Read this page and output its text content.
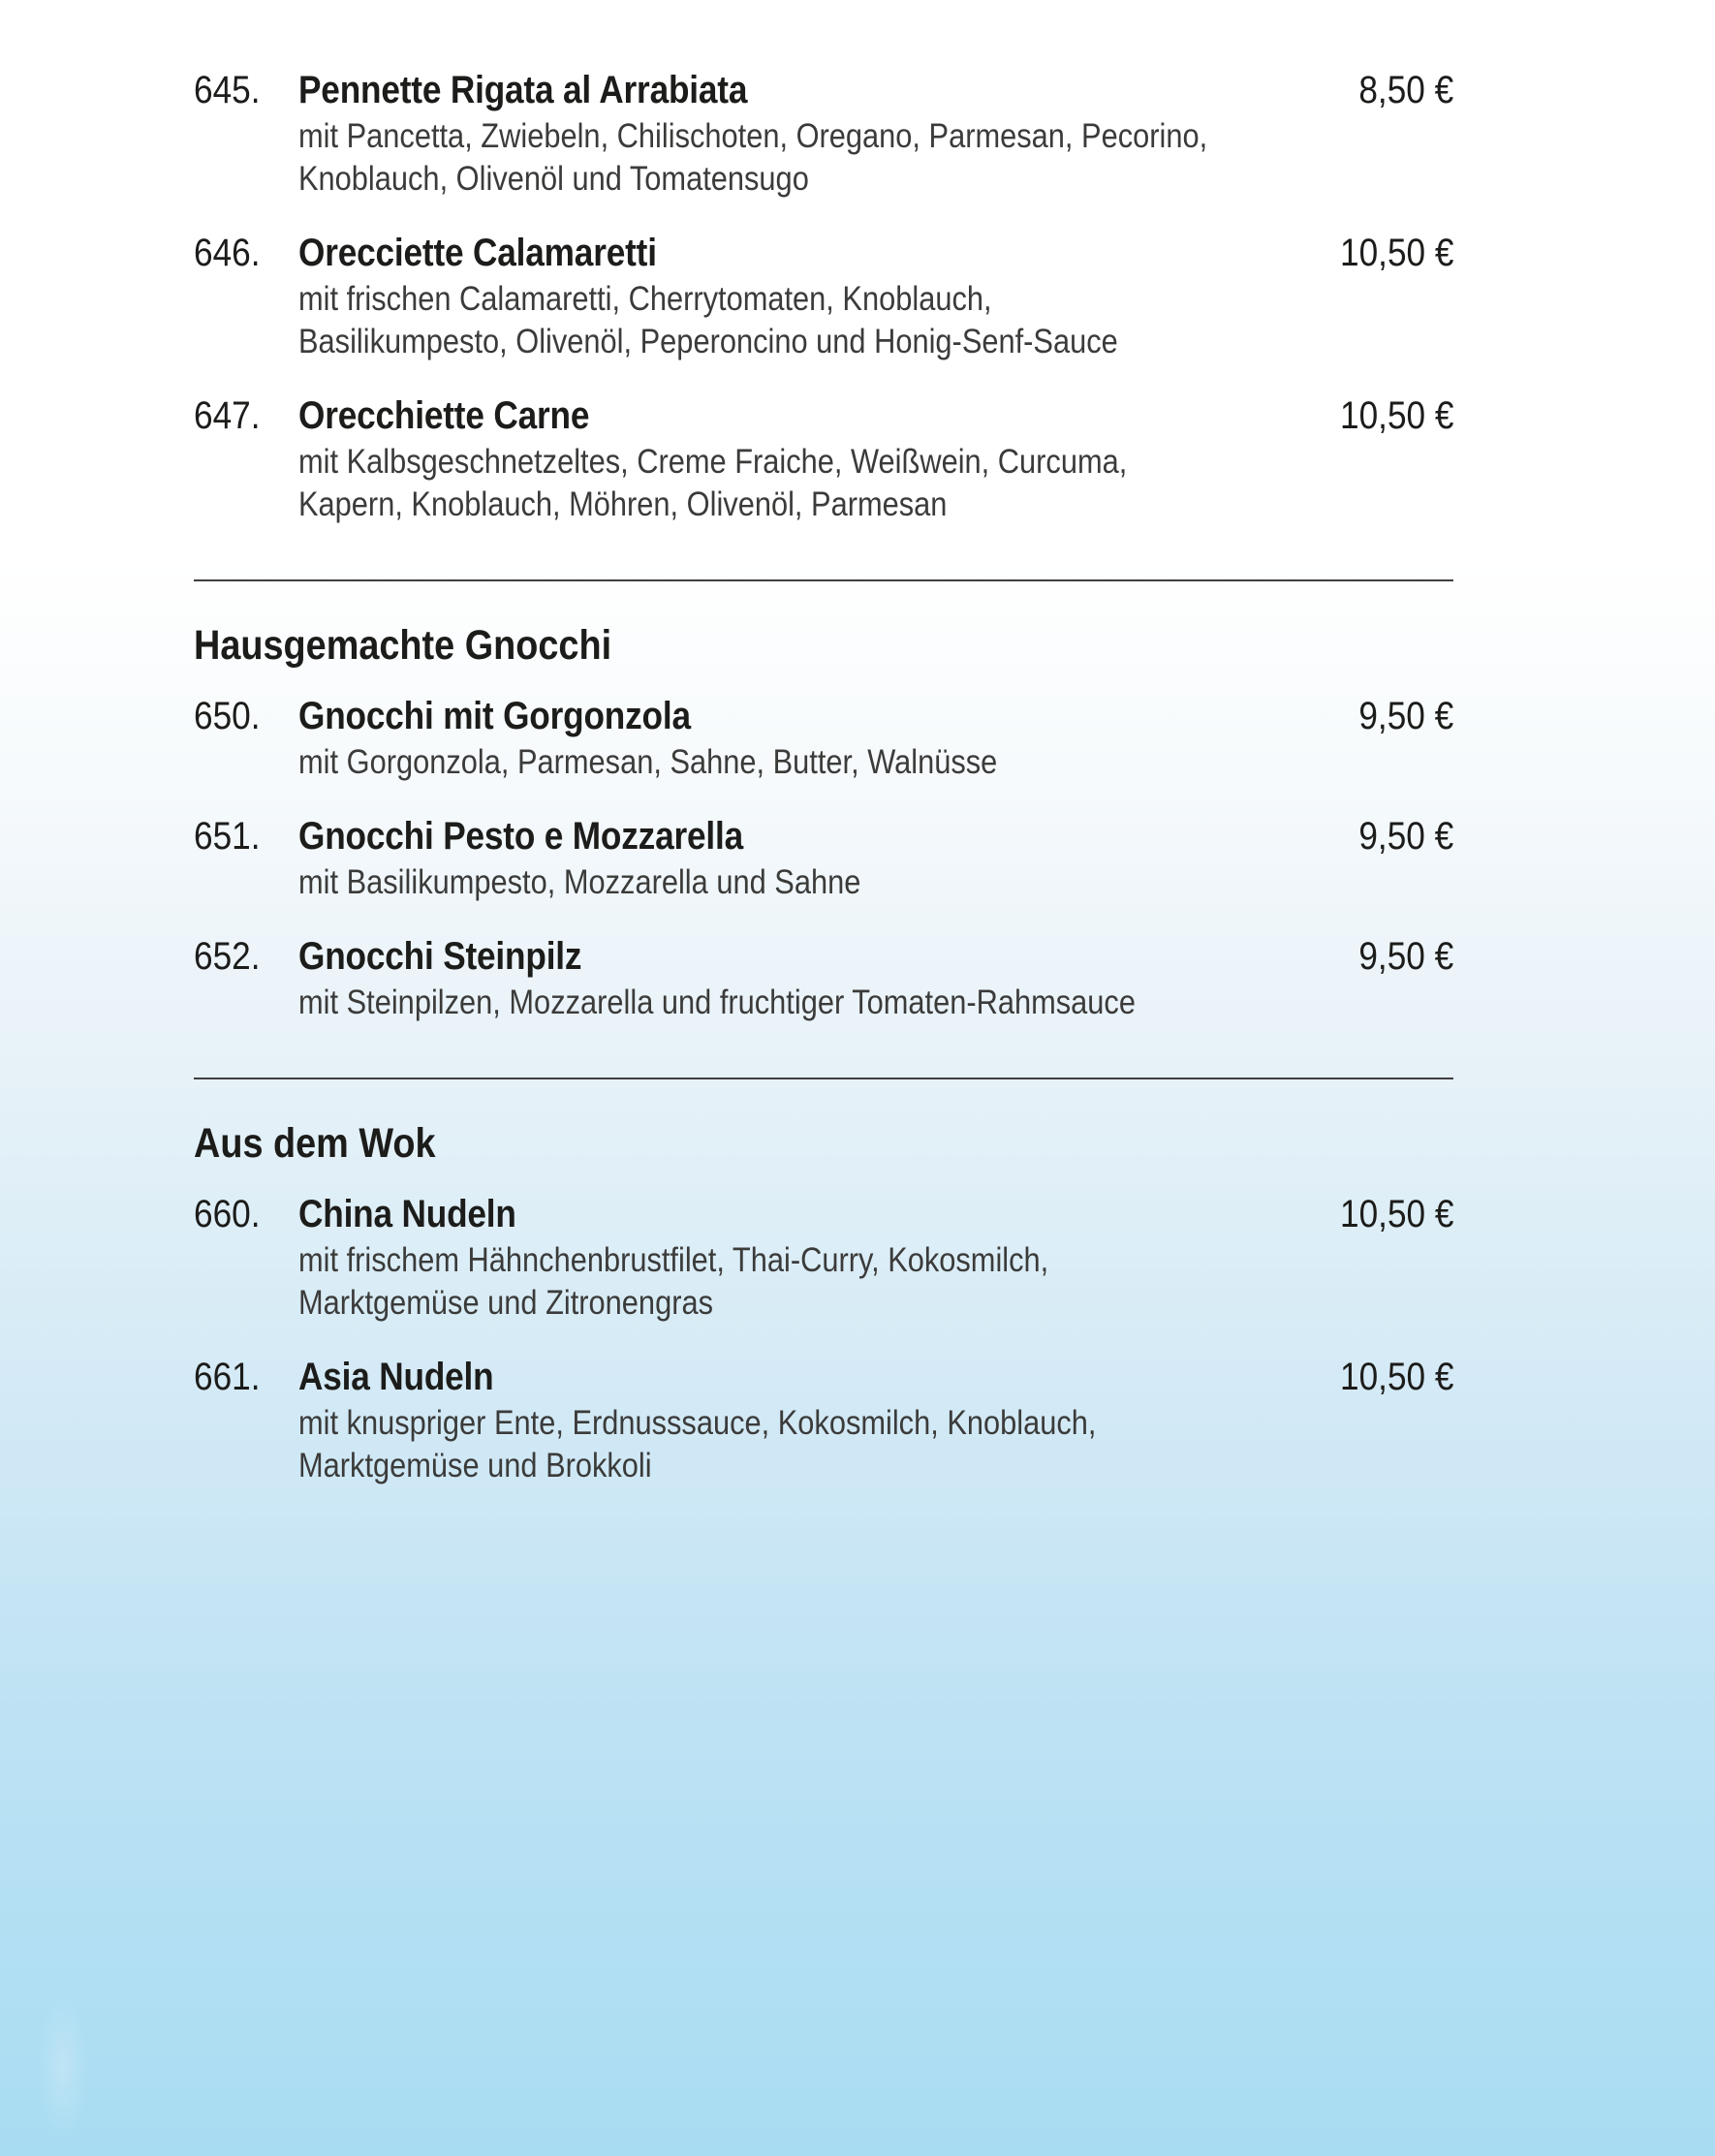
645. Pennette Rigata al Arrabiata
mit Pancetta, Zwiebeln, Chilischoten, Oregano, Parmesan, Pecorino,
Knoblauch, Olivenöl und Tomatensugo
8,50 €
646. Orecciette Calamaretti
mit frischen Calamaretti, Cherrytomaten, Knoblauch,
Basilikumpesto, Olivenöl, Peperoncino und Honig-Senf-Sauce
10,50 €
647. Orecchiette Carne
mit Kalbsgeschnetzeltes, Creme Fraiche, Weißwein, Curcuma,
Kapern, Knoblauch, Möhren, Olivenöl, Parmesan
10,50 €
Hausgemachte Gnocchi
650. Gnocchi mit Gorgonzola
mit Gorgonzola, Parmesan, Sahne, Butter, Walnüsse
9,50 €
651. Gnocchi Pesto e Mozzarella
mit Basilikumpesto, Mozzarella und Sahne
9,50 €
652. Gnocchi Steinpilz
mit Steinpilzen, Mozzarella und fruchtiger Tomaten-Rahmsauce
9,50 €
Aus dem Wok
660. China Nudeln
mit frischem Hähnchenbrustfilet, Thai-Curry, Kokosmilch,
Marktgemüse und Zitronengras
10,50 €
661. Asia Nudeln
mit knuspriger Ente, Erdnusssauce, Kokosmilch, Knoblauch,
Marktgemüse und Brokkoli
10,50 €
